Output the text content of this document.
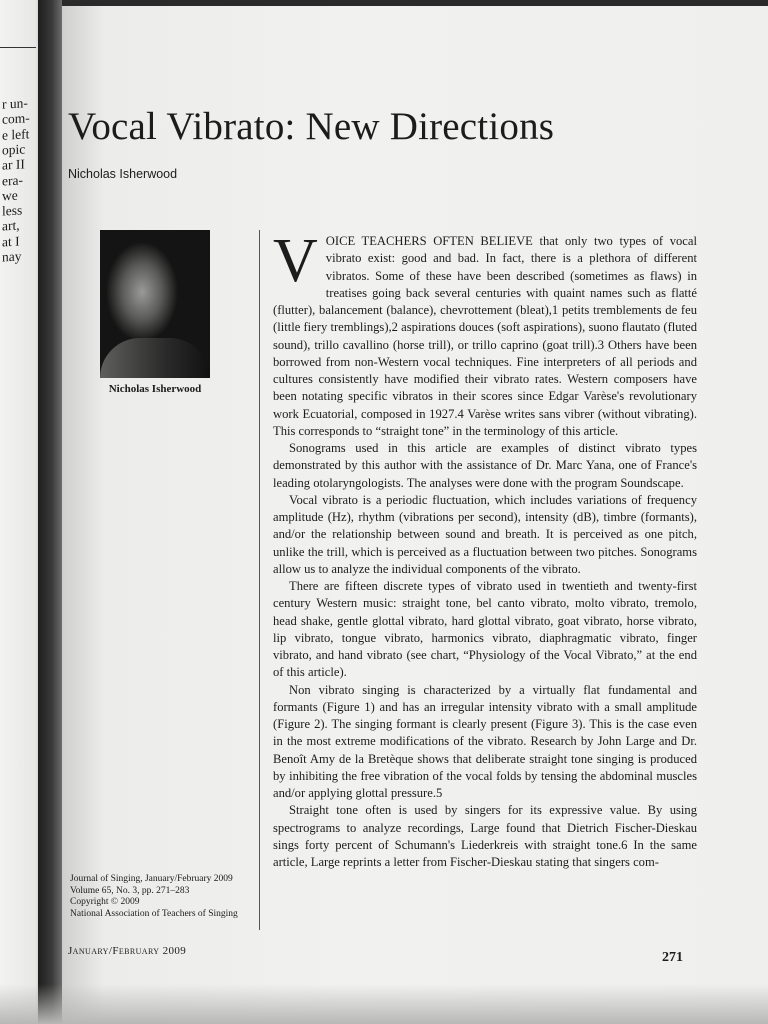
r un-
com-
e left
opic
ar II
era-
we
less
art,
at I
nay
Vocal Vibrato: New Directions
Nicholas Isherwood
Nicholas Isherwood

VOICE TEACHERS OFTEN BELIEVE that only two types of vocal vibrato exist: good and bad. In fact, there is a plethora of different vibratos. Some of these have been described (sometimes as flaws) in treatises going back several centuries with quaint names such as flatté (flutter), balancement (balance), chevrottement (bleat),1 petits tremblements de feu (little fiery tremblings),2 aspirations douces (soft aspirations), suono flautato (fluted sound), trillo cavallino (horse trill), or trillo caprino (goat trill).3 Others have been borrowed from non-Western vocal techniques. Fine interpreters of all periods and cultures consistently have modified their vibrato rates. Western composers have been notating specific vibratos in their scores since Edgar Varèse's revolutionary work Ecuatorial, composed in 1927.4 Varèse writes sans vibrer (without vibrating). This corresponds to “straight tone” in the terminology of this article.

Sonograms used in this article are examples of distinct vibrato types demonstrated by this author with the assistance of Dr. Marc Yana, one of France's leading otolaryngologists. The analyses were done with the program Soundscape.

Vocal vibrato is a periodic fluctuation, which includes variations of frequency amplitude (Hz), rhythm (vibrations per second), intensity (dB), timbre (formants), and/or the relationship between sound and breath. It is perceived as one pitch, unlike the trill, which is perceived as a fluctuation between two pitches. Sonograms allow us to analyze the individual components of the vibrato.

There are fifteen discrete types of vibrato used in twentieth and twenty-first century Western music: straight tone, bel canto vibrato, molto vibrato, tremolo, head shake, gentle glottal vibrato, hard glottal vibrato, goat vibrato, horse vibrato, lip vibrato, tongue vibrato, harmonics vibrato, diaphragmatic vibrato, finger vibrato, and hand vibrato (see chart, “Physiology of the Vocal Vibrato,” at the end of this article).

Non vibrato singing is characterized by a virtually flat fundamental and formants (Figure 1) and has an irregular intensity vibrato with a small amplitude (Figure 2). The singing formant is clearly present (Figure 3). This is the case even in the most extreme modifications of the vibrato. Research by John Large and Dr. Benoît Amy de la Bretèque shows that deliberate straight tone singing is produced by inhibiting the free vibration of the vocal folds by tensing the abdominal muscles and/or applying glottal pressure.5

Straight tone often is used by singers for its expressive value. By using spectrograms to analyze recordings, Large found that Dietrich Fischer-Dieskau sings forty percent of Schumann's Liederkreis with straight tone.6 In the same article, Large reprints a letter from Fischer-Dieskau stating that singers com-

Journal of Singing, January/February 2009
Volume 65, No. 3, pp. 271–283
Copyright © 2009
National Association of Teachers of Singing
January/February 2009	271
